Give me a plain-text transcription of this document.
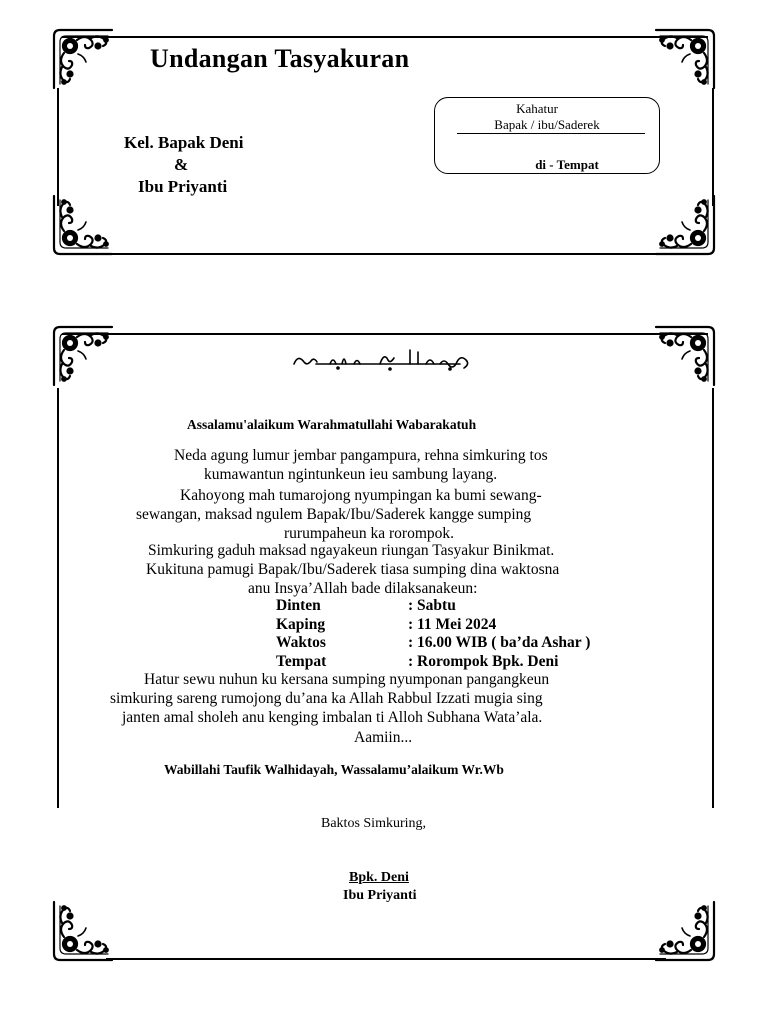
Undangan Tasyakuran
Kel. Bapak Deni
&
Ibu Priyanti
Kahatur
Bapak / ibu/Saderek
di - Tempat
Assalamu'alaikum Warahmatullahi Wabarakatuh
Neda agung lumur jembar pangampura, rehna simkuring tos
kumawantun ngintunkeun ieu sambung layang.
Kahoyong mah tumarojong nyumpingan ka bumi sewang-
sewangan, maksad ngulem Bapak/Ibu/Saderek kangge sumping
rurumpaheun ka rorompok.
Simkuring gaduh maksad ngayakeun riungan Tasyakur Binikmat.
Kukituna pamugi Bapak/Ibu/Saderek tiasa sumping dina waktosna
anu Insya’Allah bade dilaksanakeun:
Dinten	: Sabtu
Kaping	: 11 Mei 2024
Waktos	: 16.00 WIB ( ba’da Ashar )
Tempat	: Rorompok Bpk. Deni
Hatur sewu nuhun ku kersana sumping nyumponan pangangkeun
simkuring sareng rumojong du’ana ka Allah Rabbul Izzati mugia sing
janten amal sholeh anu kenging imbalan ti Alloh Subhana Wata’ala.
Aamiin...
Wabillahi Taufik Walhidayah, Wassalamu’alaikum Wr.Wb
Baktos Simkuring,
Bpk. Deni
Ibu Priyanti
